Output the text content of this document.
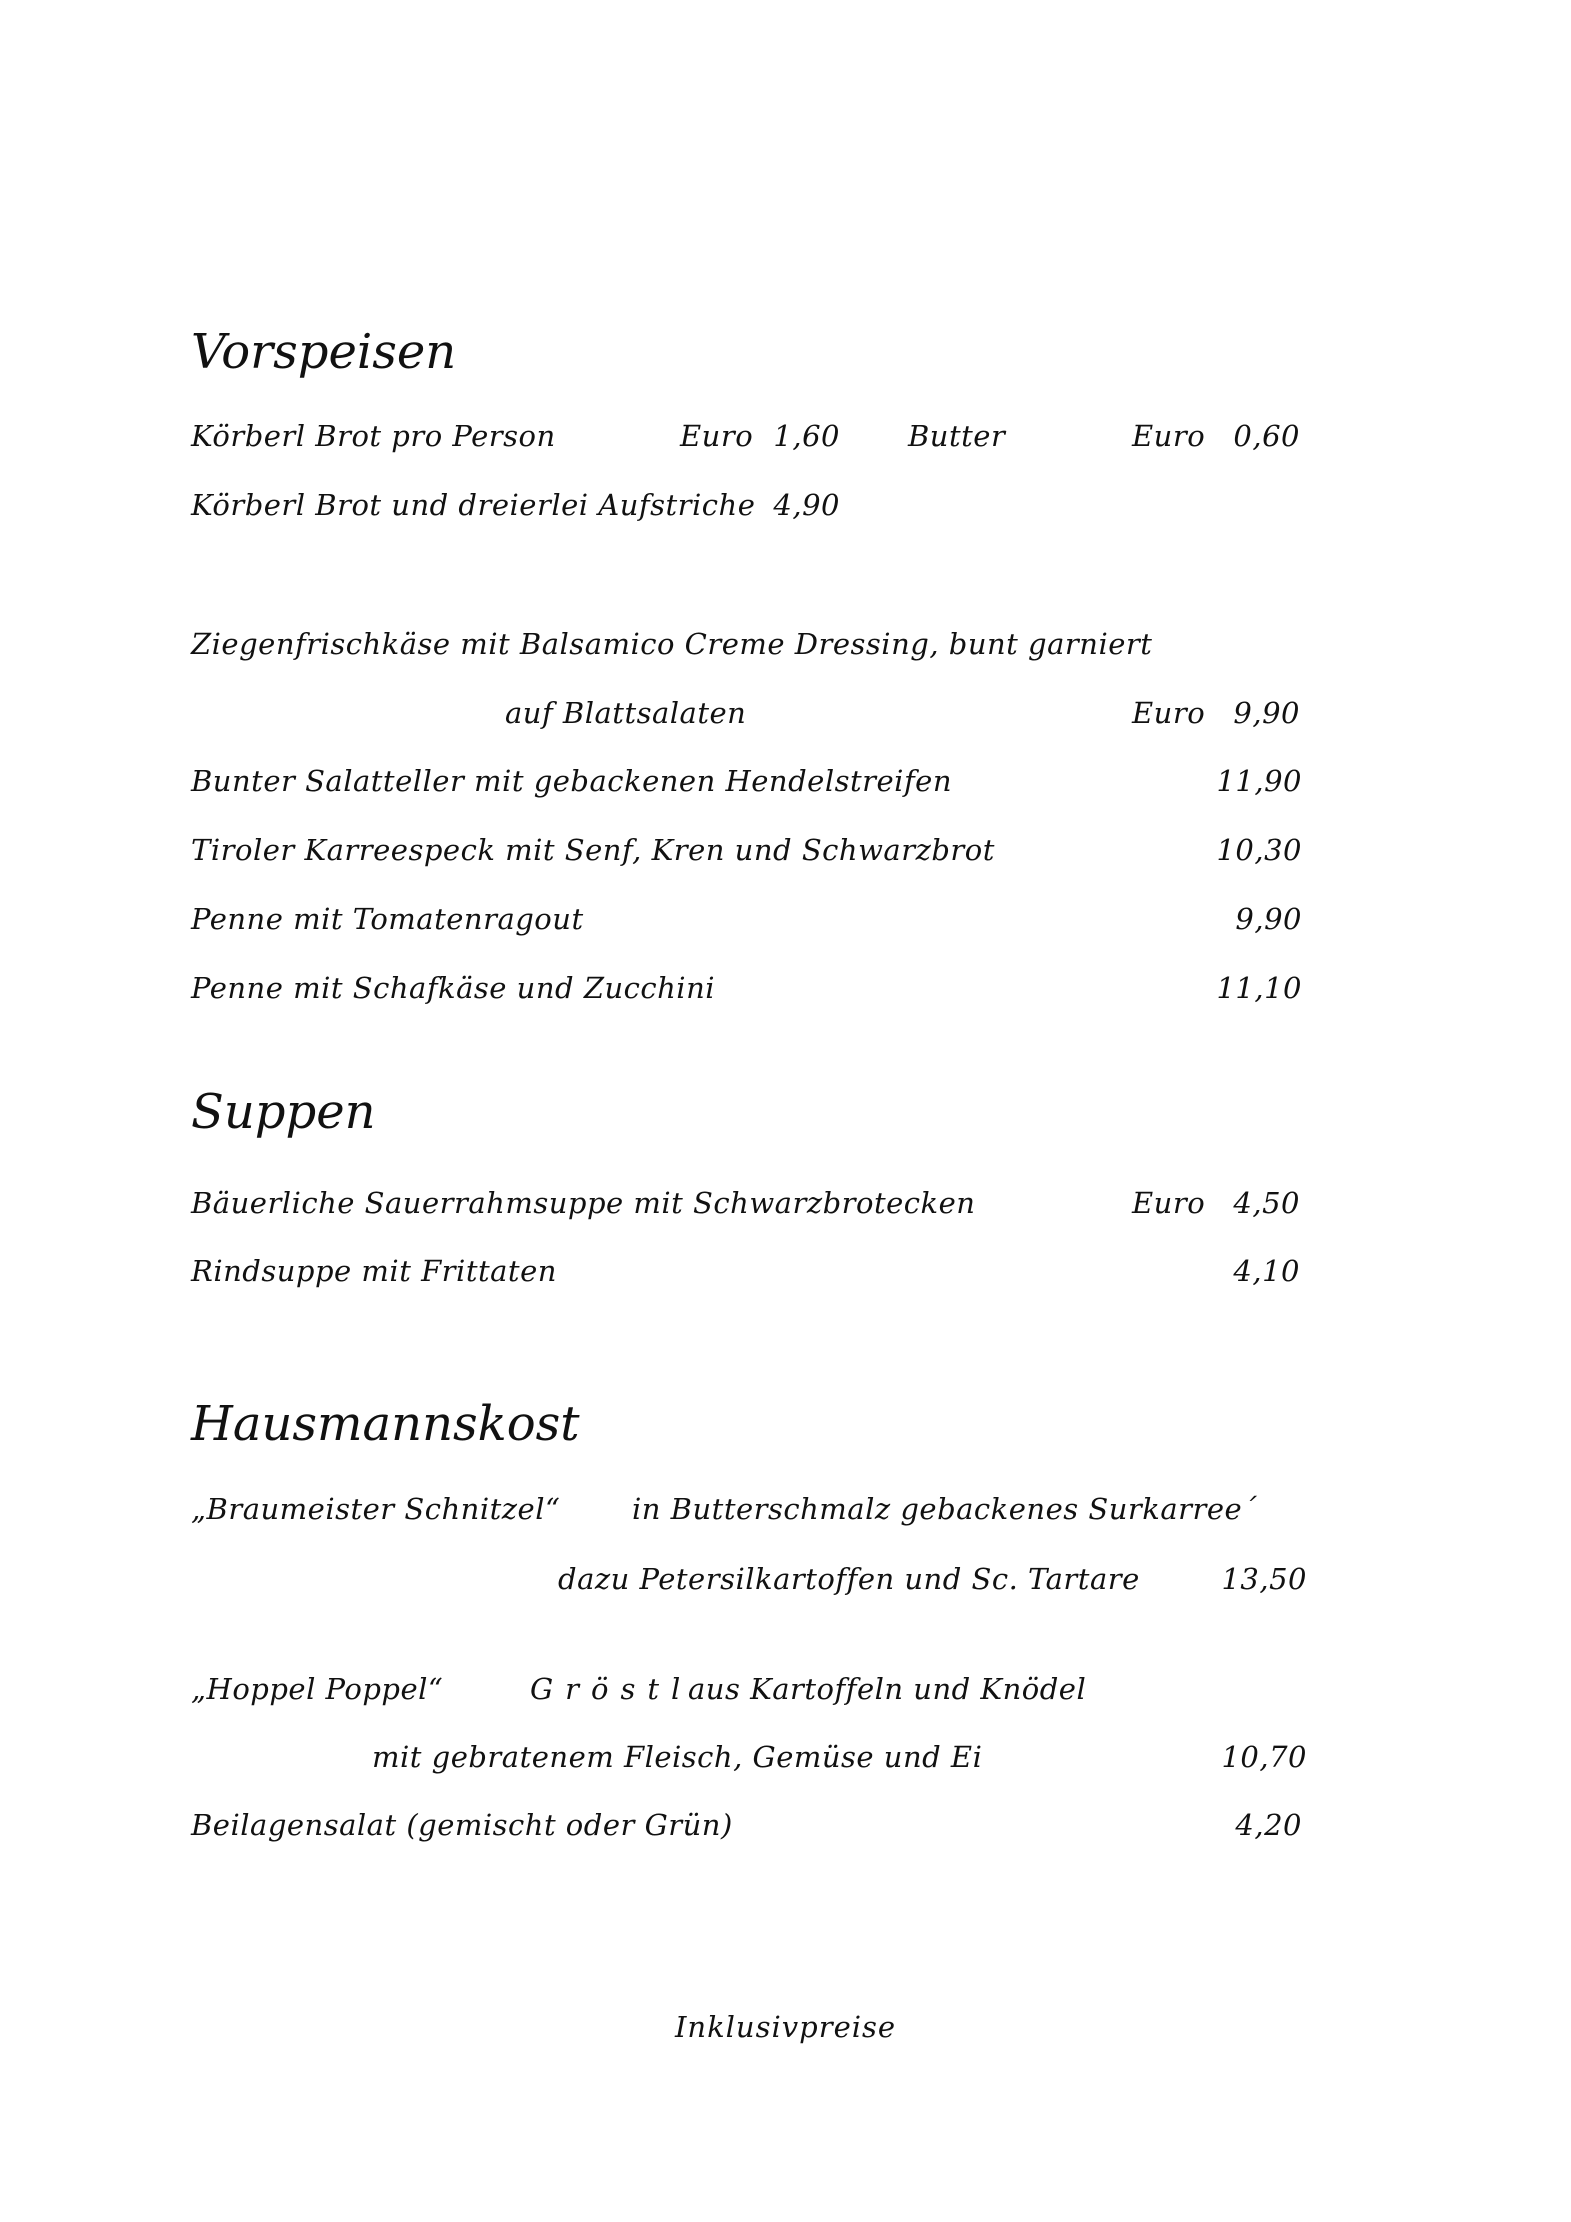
Vorspeisen
Körberl Brot pro Person	Euro 1,60 Butter	Euro 0,60
Körberl Brot und dreierlei Aufstriche 4,90
Ziegenfrischkäse mit Balsamico Creme Dressing, bunt garniert
auf Blattsalaten	Euro 9,90
Bunter Salatteller mit gebackenen Hendelstreifen	11,90
Tiroler Karreespeck mit Senf, Kren und Schwarzbrot	10,30
Penne mit Tomatenragout	9,90
Penne mit Schafkäse und Zucchini	11,10
Suppen
Bäuerliche Sauerrahmsuppe mit Schwarzbrotecken	Euro 4,50
Rindsuppe mit Frittaten	4,10
Hausmannskost
„Braumeister Schnitzel“ in Butterschmalz gebackenes Surkarree´
dazu Petersilkartoffen und Sc. Tartare	13,50
„Hoppel Poppel“	Gröstl
aus Kartoffeln und Knödel
mit gebratenem Fleisch, Gemüse und Ei	10,70
Beilagensalat (gemischt oder Grün)	4,20
Inklusivpreise
